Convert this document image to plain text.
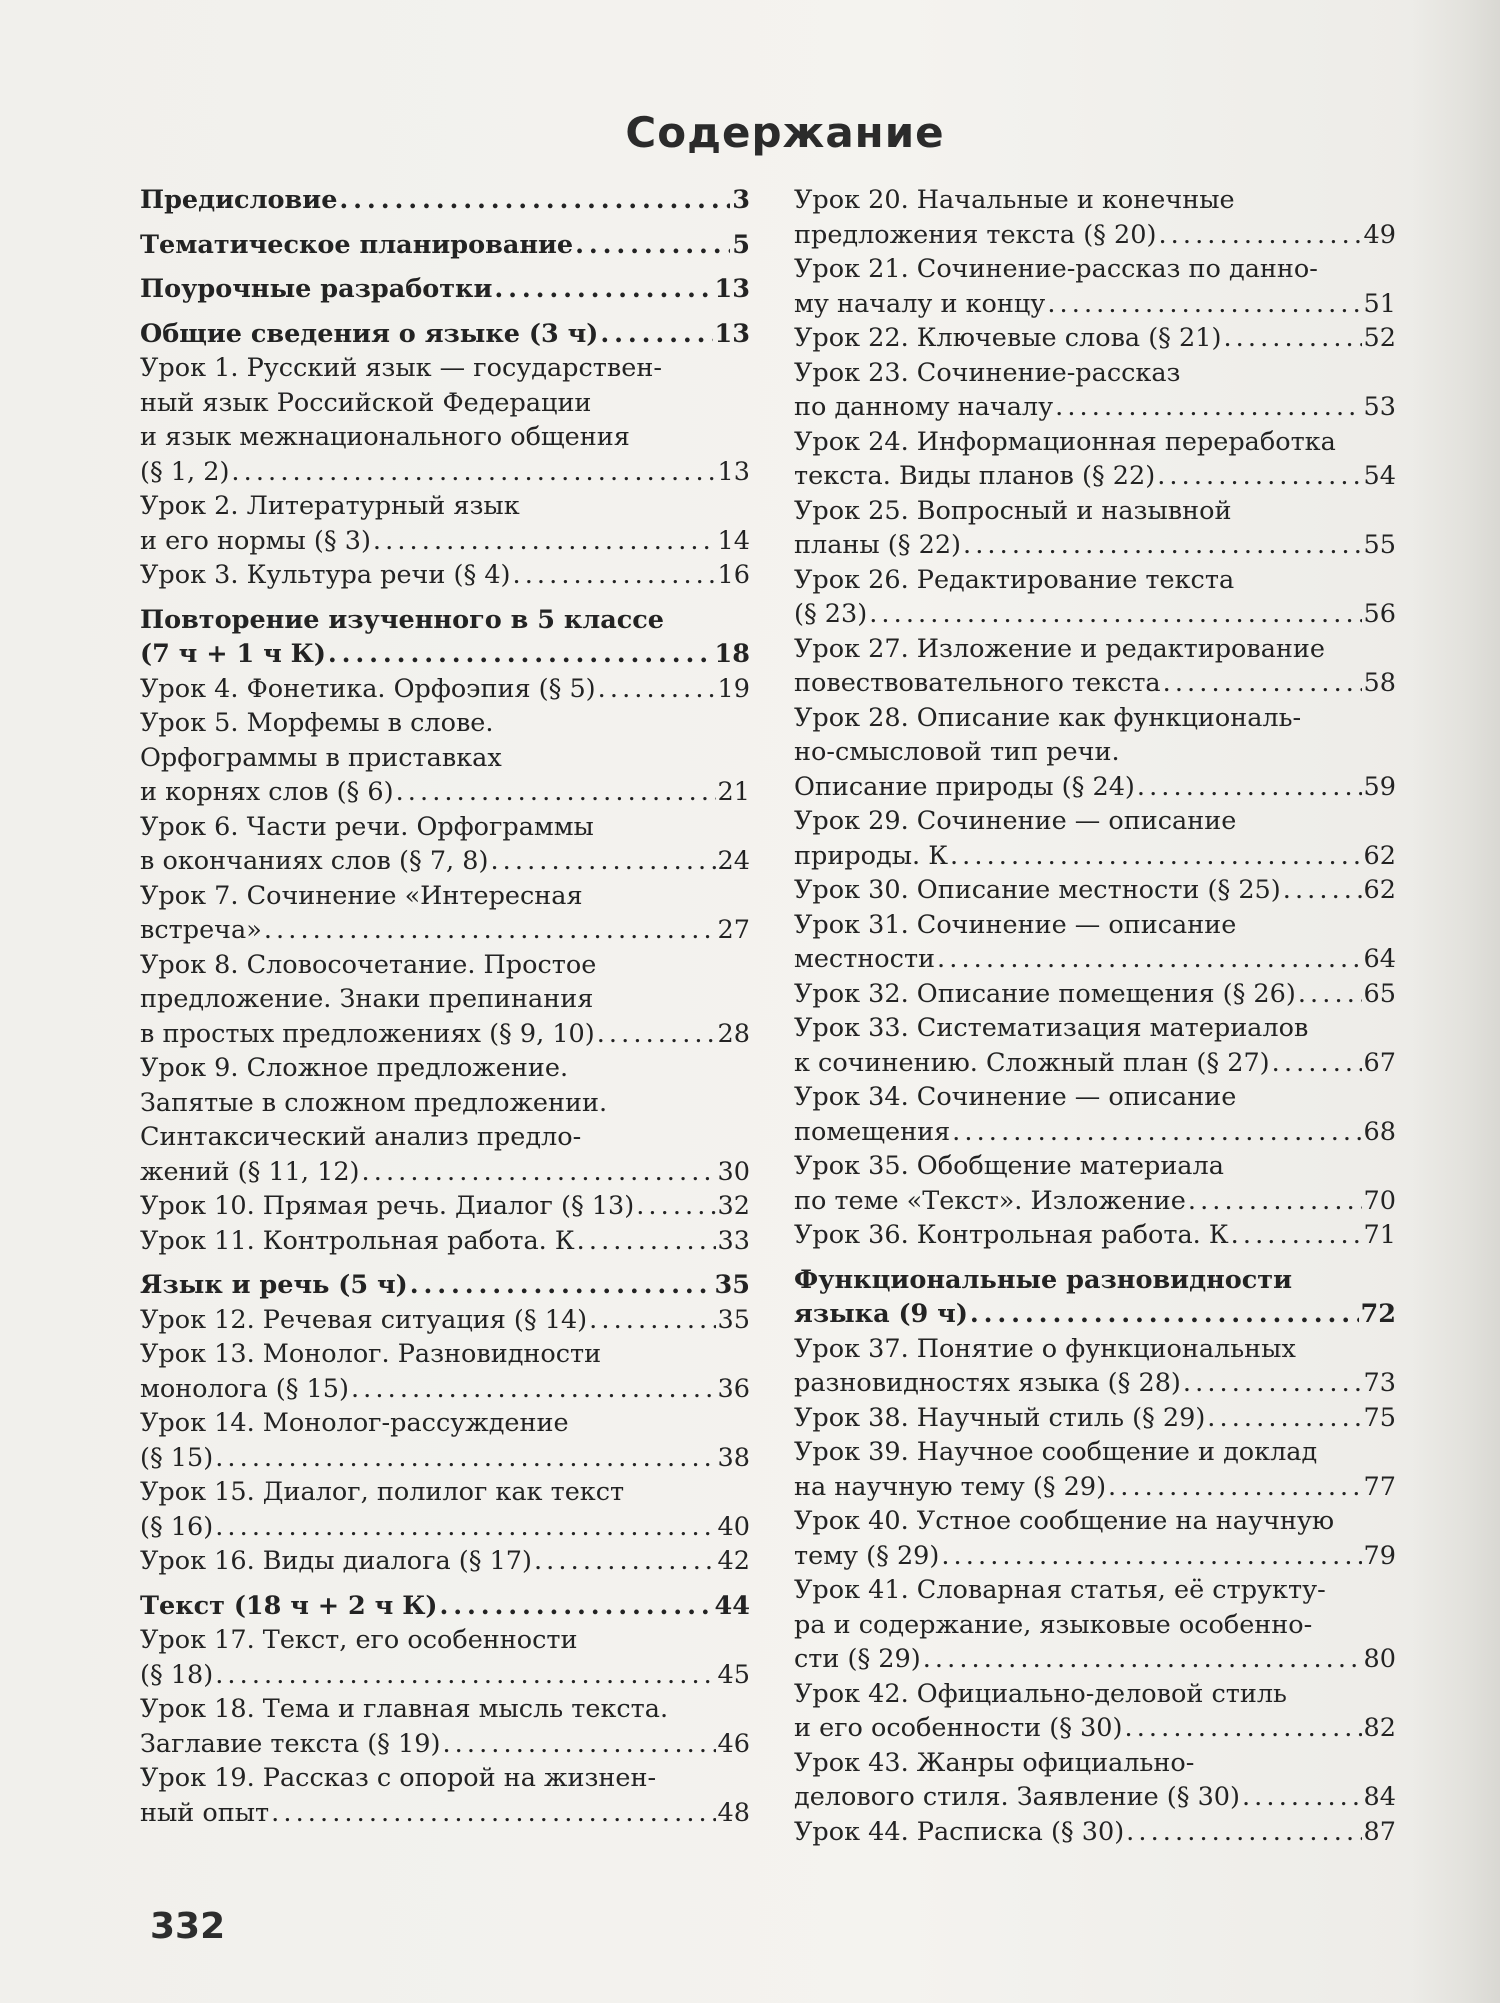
Содержание
Предисловие . . .	3
Тематическое планирование . . .	5
Поурочные разработки . . .	13
Общие сведения о языке (3 ч) . . .	13
Урок 1. Русский язык — государствен-
ный язык Российской Федерации
и язык межнационального общения
(§ 1, 2) . . .	13
Урок 2. Литературный язык
и его нормы (§ 3) . . .	14
Урок 3. Культура речи (§ 4) . . .	16
Повторение изученного в 5 классе
(7 ч + 1 ч К) . . .	18
Урок 4. Фонетика. Орфоэпия (§ 5) . . .	19
Урок 5. Морфемы в слове.
Орфограммы в приставках
и корнях слов (§ 6) . . .	21
Урок 6. Части речи. Орфограммы
в окончаниях слов (§ 7, 8) . . .	24
Урок 7. Сочинение «Интересная
встреча» . . .	27
Урок 8. Словосочетание. Простое
предложение. Знаки препинания
в простых предложениях (§ 9, 10) . . .	28
Урок 9. Сложное предложение.
Запятые в сложном предложении.
Синтаксический анализ предло-
жений (§ 11, 12) . . .	30
Урок 10. Прямая речь. Диалог (§ 13) . . .	32
Урок 11. Контрольная работа. К . . .	33
Язык и речь (5 ч) . . .	35
Урок 12. Речевая ситуация (§ 14) . . .	35
Урок 13. Монолог. Разновидности
монолога (§ 15) . . .	36
Урок 14. Монолог-рассуждение
(§ 15) . . .	38
Урок 15. Диалог, полилог как текст
(§ 16) . . .	40
Урок 16. Виды диалога (§ 17) . . .	42
Текст (18 ч + 2 ч К) . . .	44
Урок 17. Текст, его особенности
(§ 18) . . .	45
Урок 18. Тема и главная мысль текста.
Заглавие текста (§ 19) . . .	46
Урок 19. Рассказ с опорой на жизнен-
ный опыт . . .	48
Урок 20. Начальные и конечные
предложения текста (§ 20) . . .	49
Урок 21. Сочинение-рассказ по данно-
му началу и концу . . .	51
Урок 22. Ключевые слова (§ 21) . . .	52
Урок 23. Сочинение-рассказ
по данному началу . . .	53
Урок 24. Информационная переработка
текста. Виды планов (§ 22) . . .	54
Урок 25. Вопросный и назывной
планы (§ 22) . . .	55
Урок 26. Редактирование текста
(§ 23) . . .	56
Урок 27. Изложение и редактирование
повествовательного текста . . .	58
Урок 28. Описание как функциональ-
но-смысловой тип речи.
Описание природы (§ 24) . . .	59
Урок 29. Сочинение — описание
природы. К . . .	62
Урок 30. Описание местности (§ 25) . . .	62
Урок 31. Сочинение — описание
местности . . .	64
Урок 32. Описание помещения (§ 26) . . .	65
Урок 33. Систематизация материалов
к сочинению. Сложный план (§ 27) . . .	67
Урок 34. Сочинение — описание
помещения . . .	68
Урок 35. Обобщение материала
по теме «Текст». Изложение . . .	70
Урок 36. Контрольная работа. К . . .	71
Функциональные разновидности
языка (9 ч) . . .	72
Урок 37. Понятие о функциональных
разновидностях языка (§ 28) . . .	73
Урок 38. Научный стиль (§ 29) . . .	75
Урок 39. Научное сообщение и доклад
на научную тему (§ 29) . . .	77
Урок 40. Устное сообщение на научную
тему (§ 29) . . .	79
Урок 41. Словарная статья, её структу-
ра и содержание, языковые особенно-
сти (§ 29) . . .	80
Урок 42. Официально-деловой стиль
и его особенности (§ 30) . . .	82
Урок 43. Жанры официально-
делового стиля. Заявление (§ 30) . . .	84
Урок 44. Расписка (§ 30) . . .	87
332
